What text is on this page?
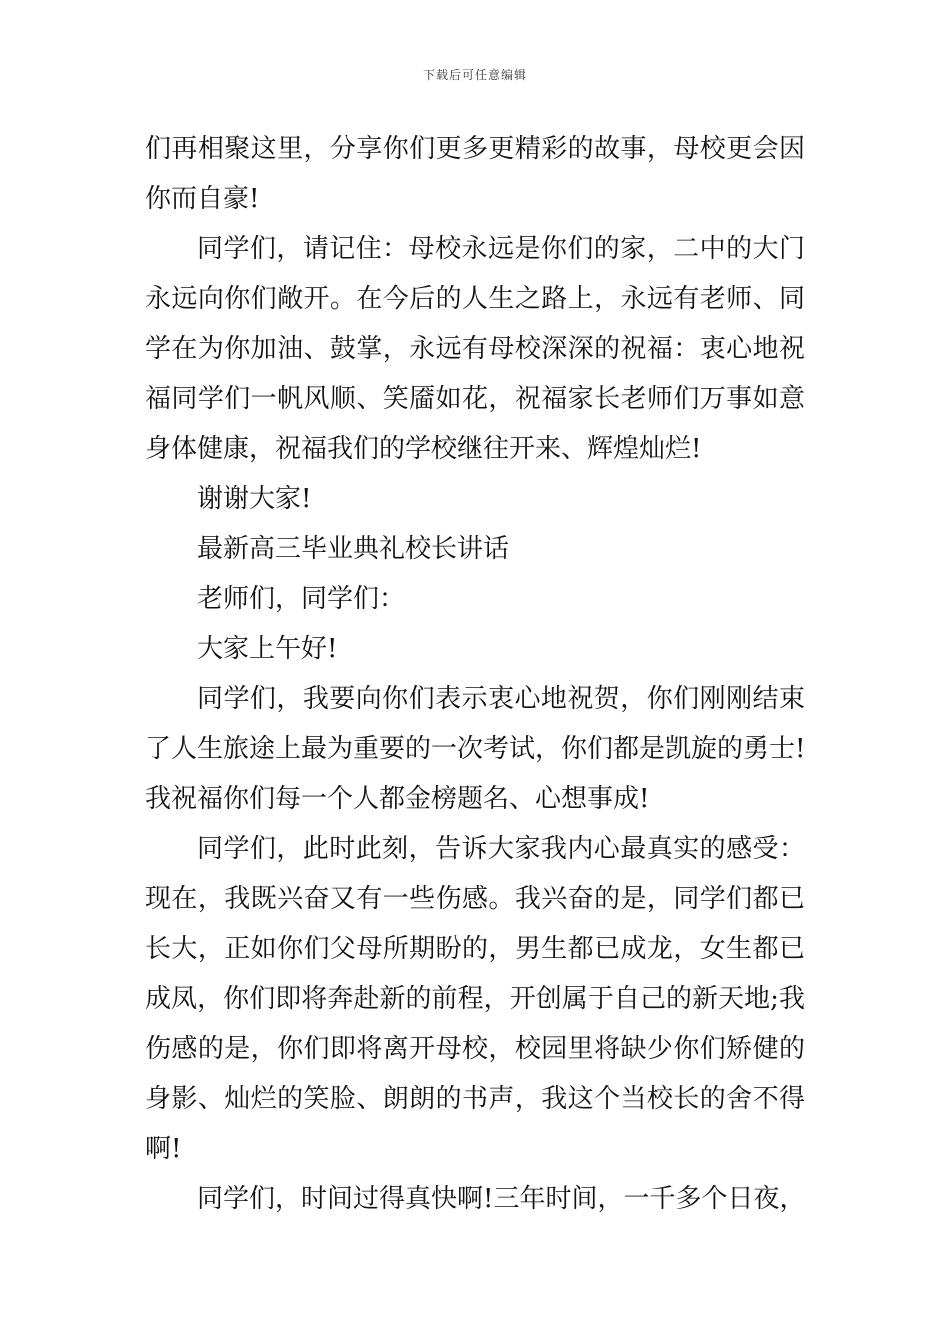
下载后可任意编辑
们再相聚这里，分享你们更多更精彩的故事，母校更会因
你而自豪!
同学们，请记住：母校永远是你们的家，二中的大门
永远向你们敞开。在今后的人生之路上，永远有老师、同
学在为你加油、鼓掌，永远有母校深深的祝福：衷心地祝
福同学们一帆风顺、笑靥如花，祝福家长老师们万事如意
身体健康，祝福我们的学校继往开来、辉煌灿烂!
谢谢大家!
最新高三毕业典礼校长讲话
老师们，同学们：
大家上午好!
同学们，我要向你们表示衷心地祝贺，你们刚刚结束
了人生旅途上最为重要的一次考试，你们都是凯旋的勇士!
我祝福你们每一个人都金榜题名、心想事成!
同学们，此时此刻，告诉大家我内心最真实的感受：
现在，我既兴奋又有一些伤感。我兴奋的是，同学们都已
长大，正如你们父母所期盼的，男生都已成龙，女生都已
成凤，你们即将奔赴新的前程，开创属于自己的新天地;我
伤感的是，你们即将离开母校，校园里将缺少你们矫健的
身影、灿烂的笑脸、朗朗的书声，我这个当校长的舍不得
啊!
同学们，时间过得真快啊!三年时间，一千多个日夜，
